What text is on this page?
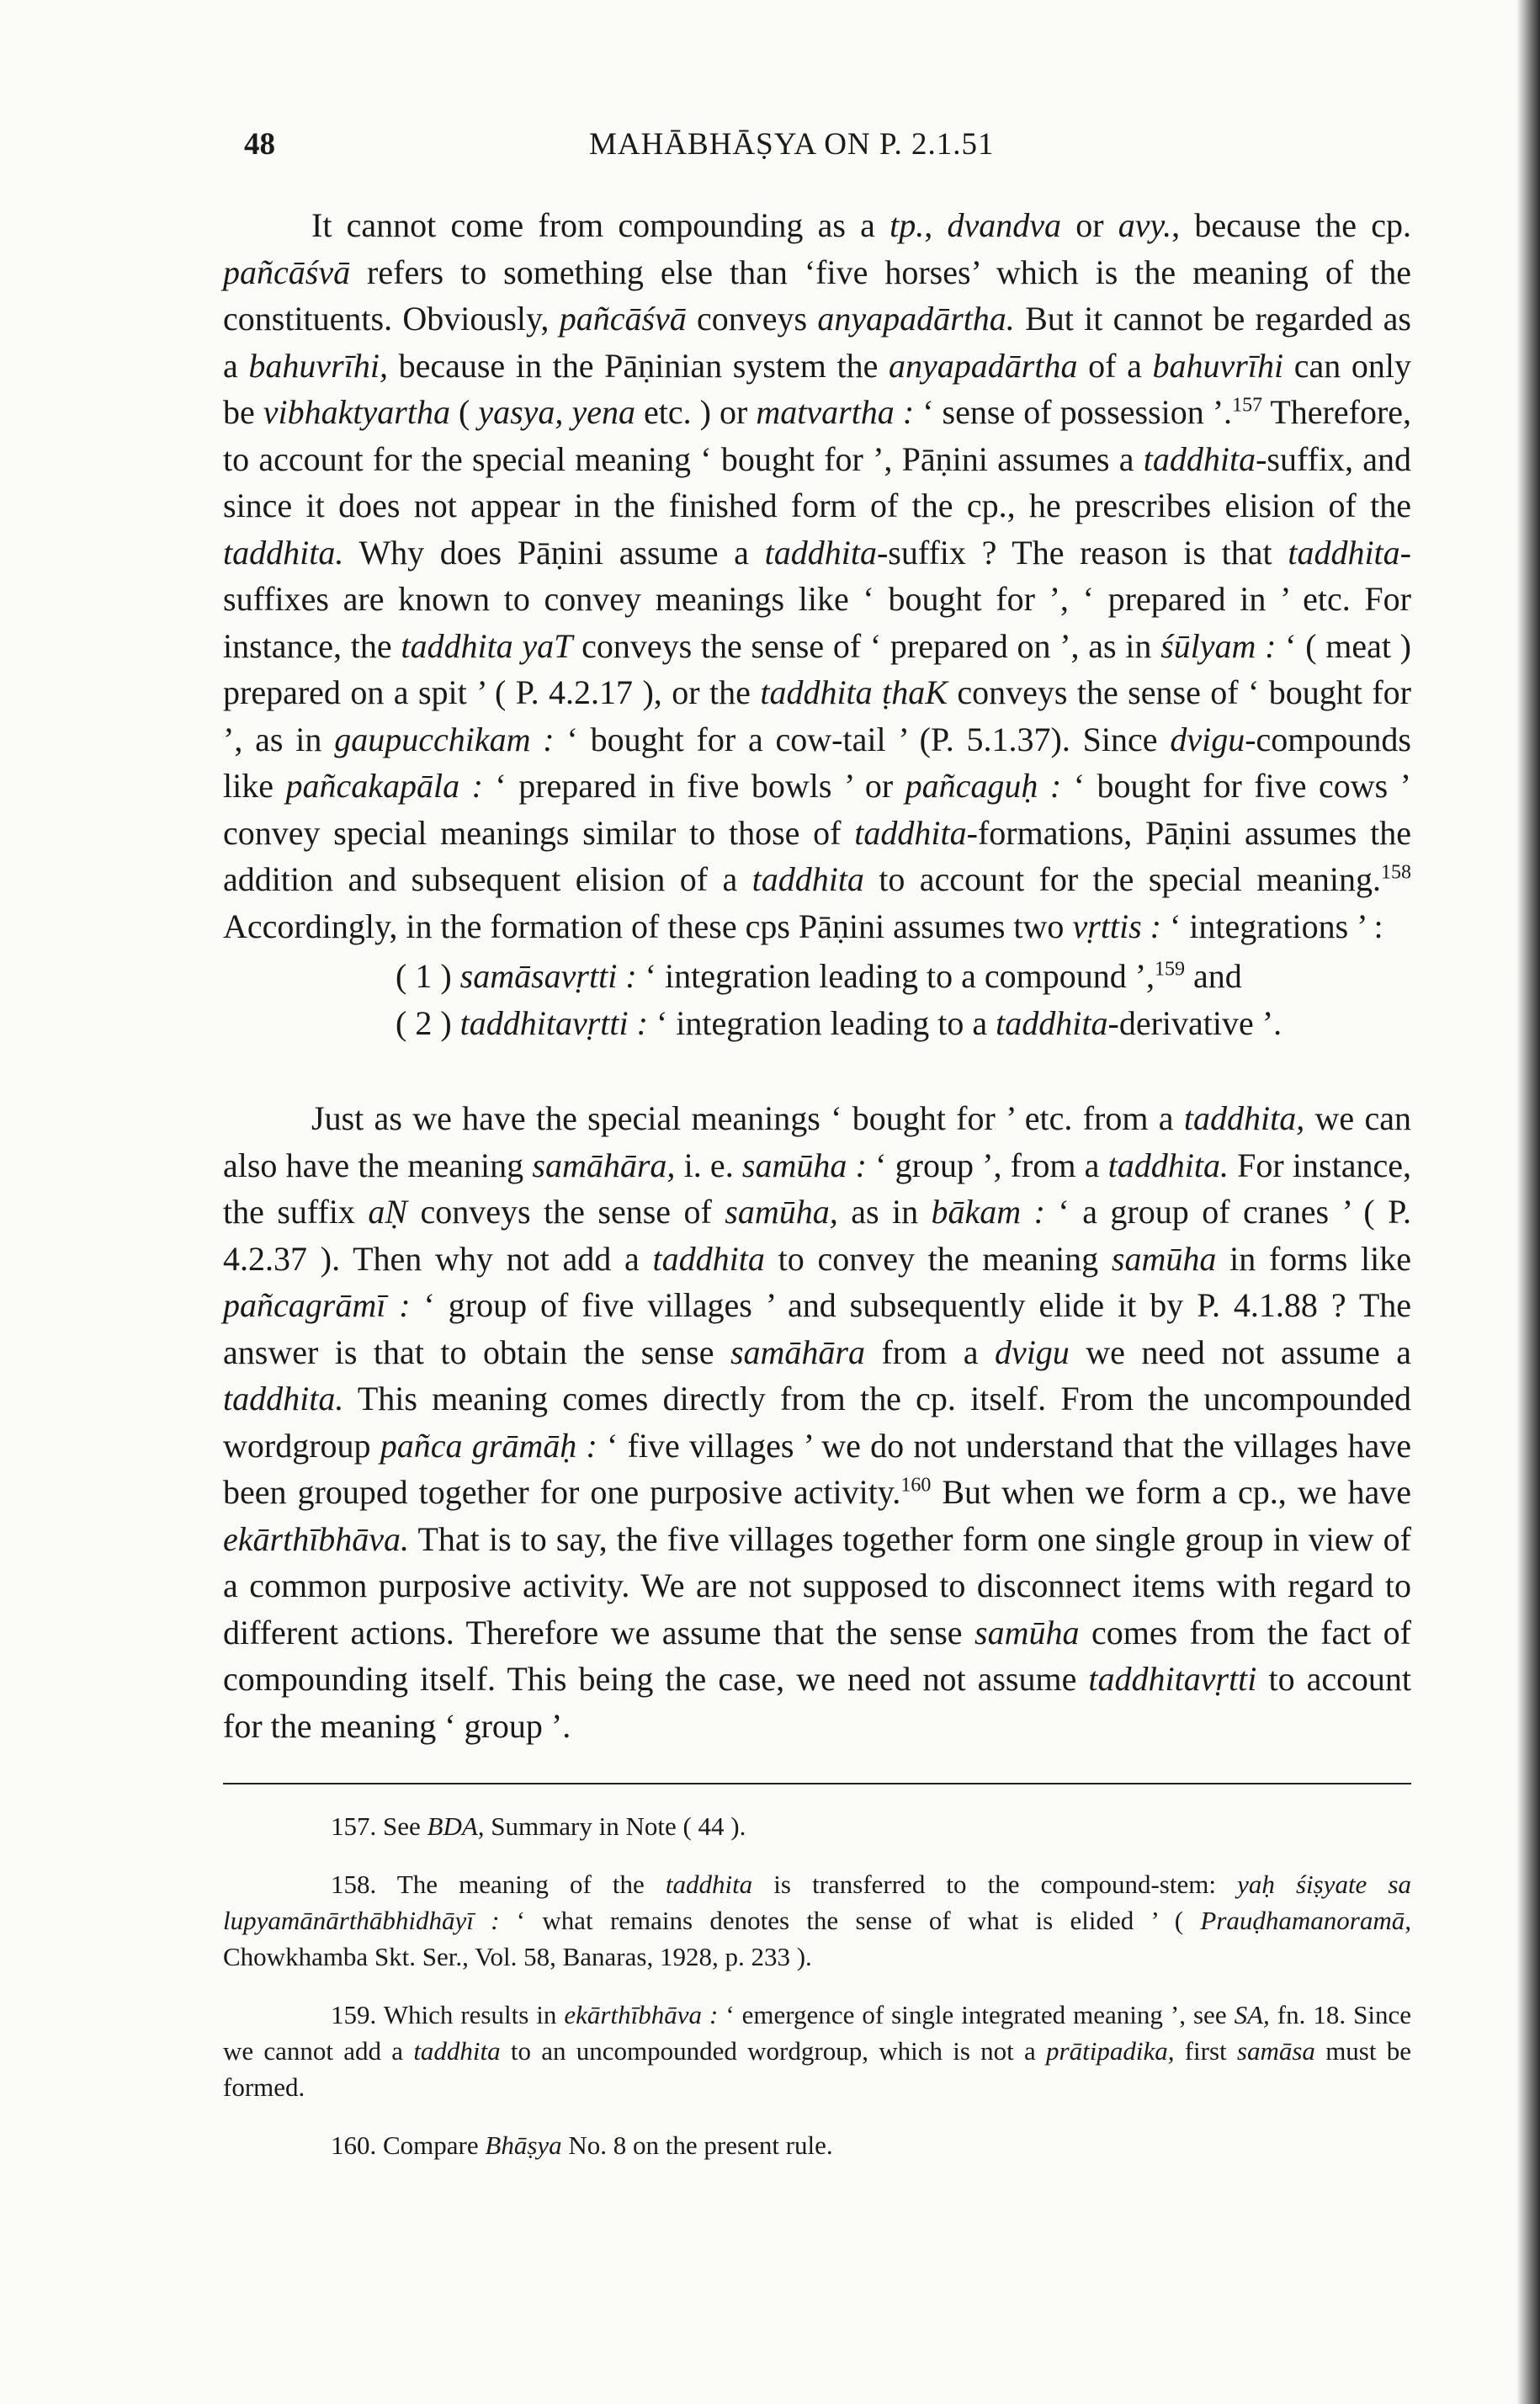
48	MAHĀBHĀṢYA ON P. 2.1.51

It cannot come from compounding as a tp., dvandva or avy., because the cp. pañcāśvā refers to something else than ‘five horses’ which is the meaning of the constituents. Obviously, pañcāśvā conveys anyapadārtha. But it cannot be regarded as a bahuvrīhi, because in the Pāṇinian system the anyapadārtha of a bahuvrīhi can only be vibhaktyartha ( yasya, yena etc. ) or matvartha : ‘ sense of possession ’.$^{157}$ Therefore, to account for the special meaning ‘ bought for ’, Pāṇini assumes a taddhita-suffix, and since it does not appear in the finished form of the cp., he prescribes elision of the taddhita. Why does Pāṇini assume a taddhita-suffix ? The reason is that taddhita-suffixes are known to convey meanings like ‘ bought for ’, ‘ prepared in ’ etc. For instance, the taddhita yaT conveys the sense of ‘ prepared on ’, as in śūlyam : ‘ ( meat ) prepared on a spit ’ ( P. 4.2.17 ), or the taddhita ṭhaK conveys the sense of ‘ bought for ’, as in gaupucchikam : ‘ bought for a cow-tail ’ (P. 5.1.37). Since dvigu-compounds like pañcakapāla : ‘ prepared in five bowls ’ or pañcaguḥ : ‘ bought for five cows ’ convey special meanings similar to those of taddhita-formations, Pāṇini assumes the addition and subsequent elision of a taddhita to account for the special meaning.$^{158}$ Accordingly, in the formation of these cps Pāṇini assumes two vṛttis : ‘ integrations ’ :

( 1 ) samāsavṛtti : ‘ integration leading to a compound ’,$^{159}$ and
( 2 ) taddhitavṛtti : ‘ integration leading to a taddhita-derivative ’.

Just as we have the special meanings ‘ bought for ’ etc. from a taddhita, we can also have the meaning samāhāra, i. e. samūha : ‘ group ’, from a taddhita. For instance, the suffix aṆ conveys the sense of samūha, as in bākam : ‘ a group of cranes ’ ( P. 4.2.37 ). Then why not add a taddhita to convey the meaning samūha in forms like pañcagrāmī : ‘ group of five villages ’ and subsequently elide it by P. 4.1.88 ? The answer is that to obtain the sense samāhāra from a dvigu we need not assume a taddhita. This meaning comes directly from the cp. itself. From the uncompounded wordgroup pañca grāmāḥ : ‘ five villages ’ we do not understand that the villages have been grouped together for one purposive activity.$^{160}$ But when we form a cp., we have ekārthībhāva. That is to say, the five villages together form one single group in view of a common purposive activity. We are not supposed to disconnect items with regard to different actions. Therefore we assume that the sense samūha comes from the fact of compounding itself. This being the case, we need not assume taddhitavṛtti to account for the meaning ‘ group ’.

157. See BDA, Summary in Note ( 44 ).

158. The meaning of the taddhita is transferred to the compound-stem: yaḥ śiṣyate sa lupyamānārthābhidhāyī : ‘ what remains denotes the sense of what is elided ’ ( Prauḍhamanoramā, Chowkhamba Skt. Ser., Vol. 58, Banaras, 1928, p. 233 ).

159. Which results in ekārthībhāva : ‘ emergence of single integrated meaning ’, see SA, fn. 18. Since we cannot add a taddhita to an uncompounded wordgroup, which is not a prātipadika, first samāsa must be formed.

160. Compare Bhāṣya No. 8 on the present rule.
